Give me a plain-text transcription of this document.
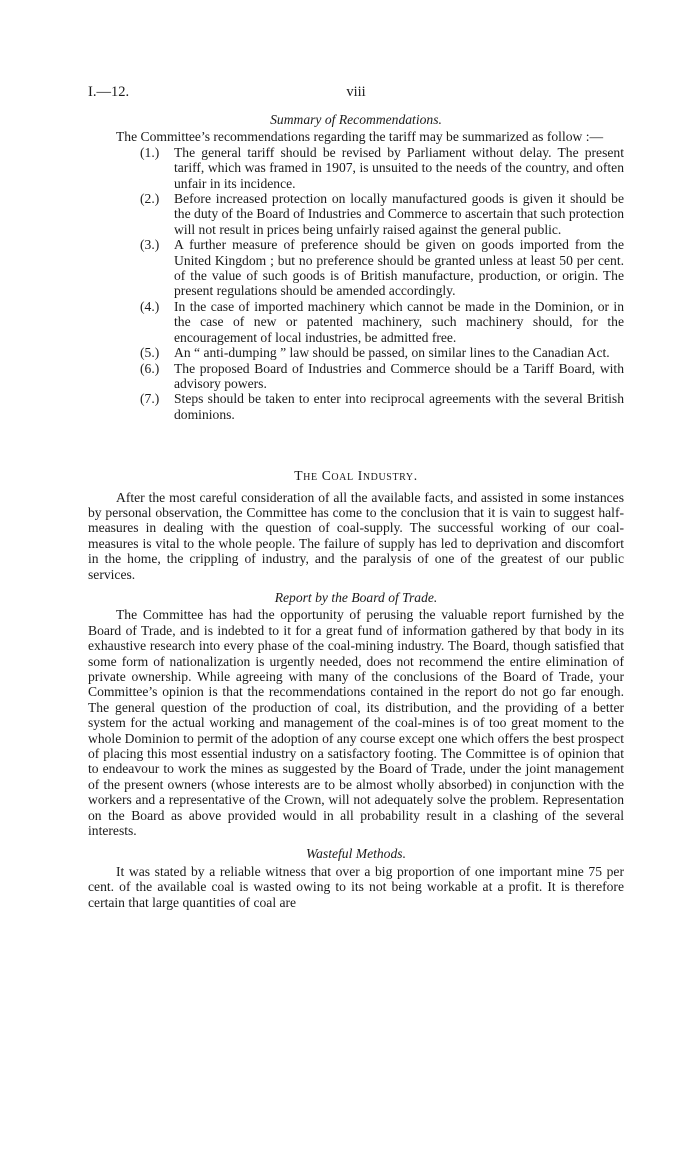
I.—12.	viii
Summary of Recommendations.

The Committee’s recommendations regarding the tariff may be summarized as follow :—

(1.) The general tariff should be revised by Parliament without delay. The present tariff, which was framed in 1907, is unsuited to the needs of the country, and often unfair in its incidence.
(2.) Before increased protection on locally manufactured goods is given it should be the duty of the Board of Industries and Commerce to ascertain that such protection will not result in prices being unfairly raised against the general public.
(3.) A further measure of preference should be given on goods imported from the United Kingdom ; but no preference should be granted unless at least 50 per cent. of the value of such goods is of British manufacture, production, or origin. The present regulations should be amended accordingly.
(4.) In the case of imported machinery which cannot be made in the Dominion, or in the case of new or patented machinery, such machinery should, for the encouragement of local industries, be admitted free.
(5.) An “ anti-dumping ” law should be passed, on similar lines to the Canadian Act.
(6.) The proposed Board of Industries and Commerce should be a Tariff Board, with advisory powers.
(7.) Steps should be taken to enter into reciprocal agreements with the several British dominions.
The Coal Industry.

After the most careful consideration of all the available facts, and assisted in some instances by personal observation, the Committee has come to the conclusion that it is vain to suggest half-measures in dealing with the question of coal-supply. The successful working of our coal-measures is vital to the whole people. The failure of supply has led to deprivation and discomfort in the home, the crippling of industry, and the paralysis of one of the greatest of our public services.

Report by the Board of Trade.

The Committee has had the opportunity of perusing the valuable report furnished by the Board of Trade, and is indebted to it for a great fund of information gathered by that body in its exhaustive research into every phase of the coal-mining industry. The Board, though satisfied that some form of nationalization is urgently needed, does not recommend the entire elimination of private ownership. While agreeing with many of the conclusions of the Board of Trade, your Committee’s opinion is that the recommendations contained in the report do not go far enough. The general question of the production of coal, its distribution, and the providing of a better system for the actual working and management of the coal-mines is of too great moment to the whole Dominion to permit of the adoption of any course except one which offers the best prospect of placing this most essential industry on a satisfactory footing. The Committee is of opinion that to endeavour to work the mines as suggested by the Board of Trade, under the joint management of the present owners (whose interests are to be almost wholly absorbed) in conjunction with the workers and a representative of the Crown, will not adequately solve the problem. Representation on the Board as above provided would in all probability result in a clashing of the several interests.

Wasteful Methods.

It was stated by a reliable witness that over a big proportion of one important mine 75 per cent. of the available coal is wasted owing to its not being workable at a profit. It is therefore certain that large quantities of coal are
